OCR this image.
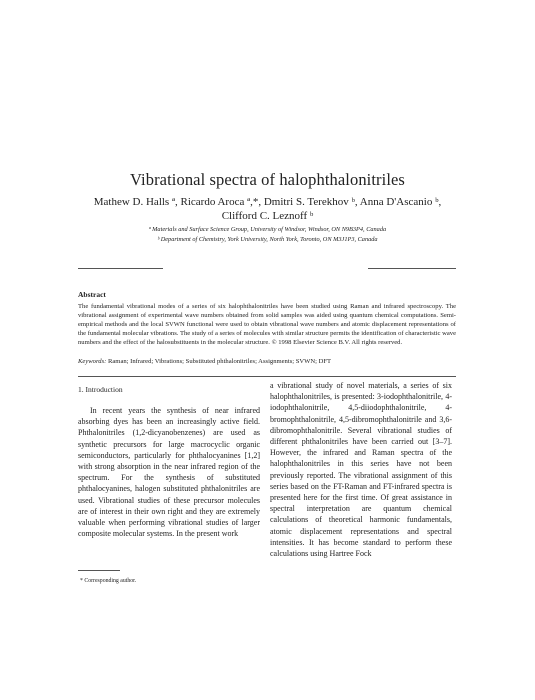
Vibrational spectra of halophthalonitriles
Mathew D. Halls ª, Ricardo Aroca ª,*, Dmitri S. Terekhov ᵇ, Anna D'Ascanio ᵇ,
Clifford C. Leznoff ᵇ
ª Materials and Surface Science Group, University of Windsor, Windsor, ON N9B3P4, Canada
ᵇ Department of Chemistry, York University, North York, Toronto, ON M3J1P3, Canada
Abstract
The fundamental vibrational modes of a series of six halophthalonitriles have been studied using Raman and infrared spectroscopy. The vibrational assignment of experimental wave numbers obtained from solid samples was aided using quantum chemical computations. Semi-empirical methods and the local SVWN functional were used to obtain vibrational wave numbers and atomic displacement representations of the fundamental molecular vibrations. The study of a series of molecules with similar structure permits the identification of characteristic wave numbers and the effect of the halosubstituents in the molecular structure. © 1998 Elsevier Science B.V. All rights reserved.
Keywords: Raman; Infrared; Vibrations; Substituted phthalonitriles; Assignments; SVWN; DFT
1. Introduction
In recent years the synthesis of near infrared absorbing dyes has been an increasingly active field. Phthalonitriles (1,2-dicyanobenzenes) are used as synthetic precursors for large macrocyclic organic semiconductors, particularly for phthalocyanines [1,2] with strong absorption in the near infrared region of the spectrum. For the synthesis of substituted phthalocyanines, halogen substituted phthalonitriles are used. Vibrational studies of these precursor molecules are of interest in their own right and they are extremely valuable when performing vibrational studies of larger composite molecular systems. In the present work
a vibrational study of novel materials, a series of six halophthalonitriles, is presented: 3-iodophthalonitrile, 4-iodophthalonitrile, 4,5-diiodophthalonitrile, 4-bromophthalonitrile, 4,5-dibromophthalonitrile and 3,6-dibromophthalonitrile. Several vibrational studies of different phthalonitriles have been carried out [3–7]. However, the infrared and Raman spectra of the halophthalonitriles in this series have not been previously reported. The vibrational assignment of this series based on the FT-Raman and FT-infrared spectra is presented here for the first time. Of great assistance in spectral interpretation are quantum chemical calculations of theoretical harmonic fundamentals, atomic displacement representations and spectral intensities. It has become standard to perform these calculations using Hartree Fock
* Corresponding author.
